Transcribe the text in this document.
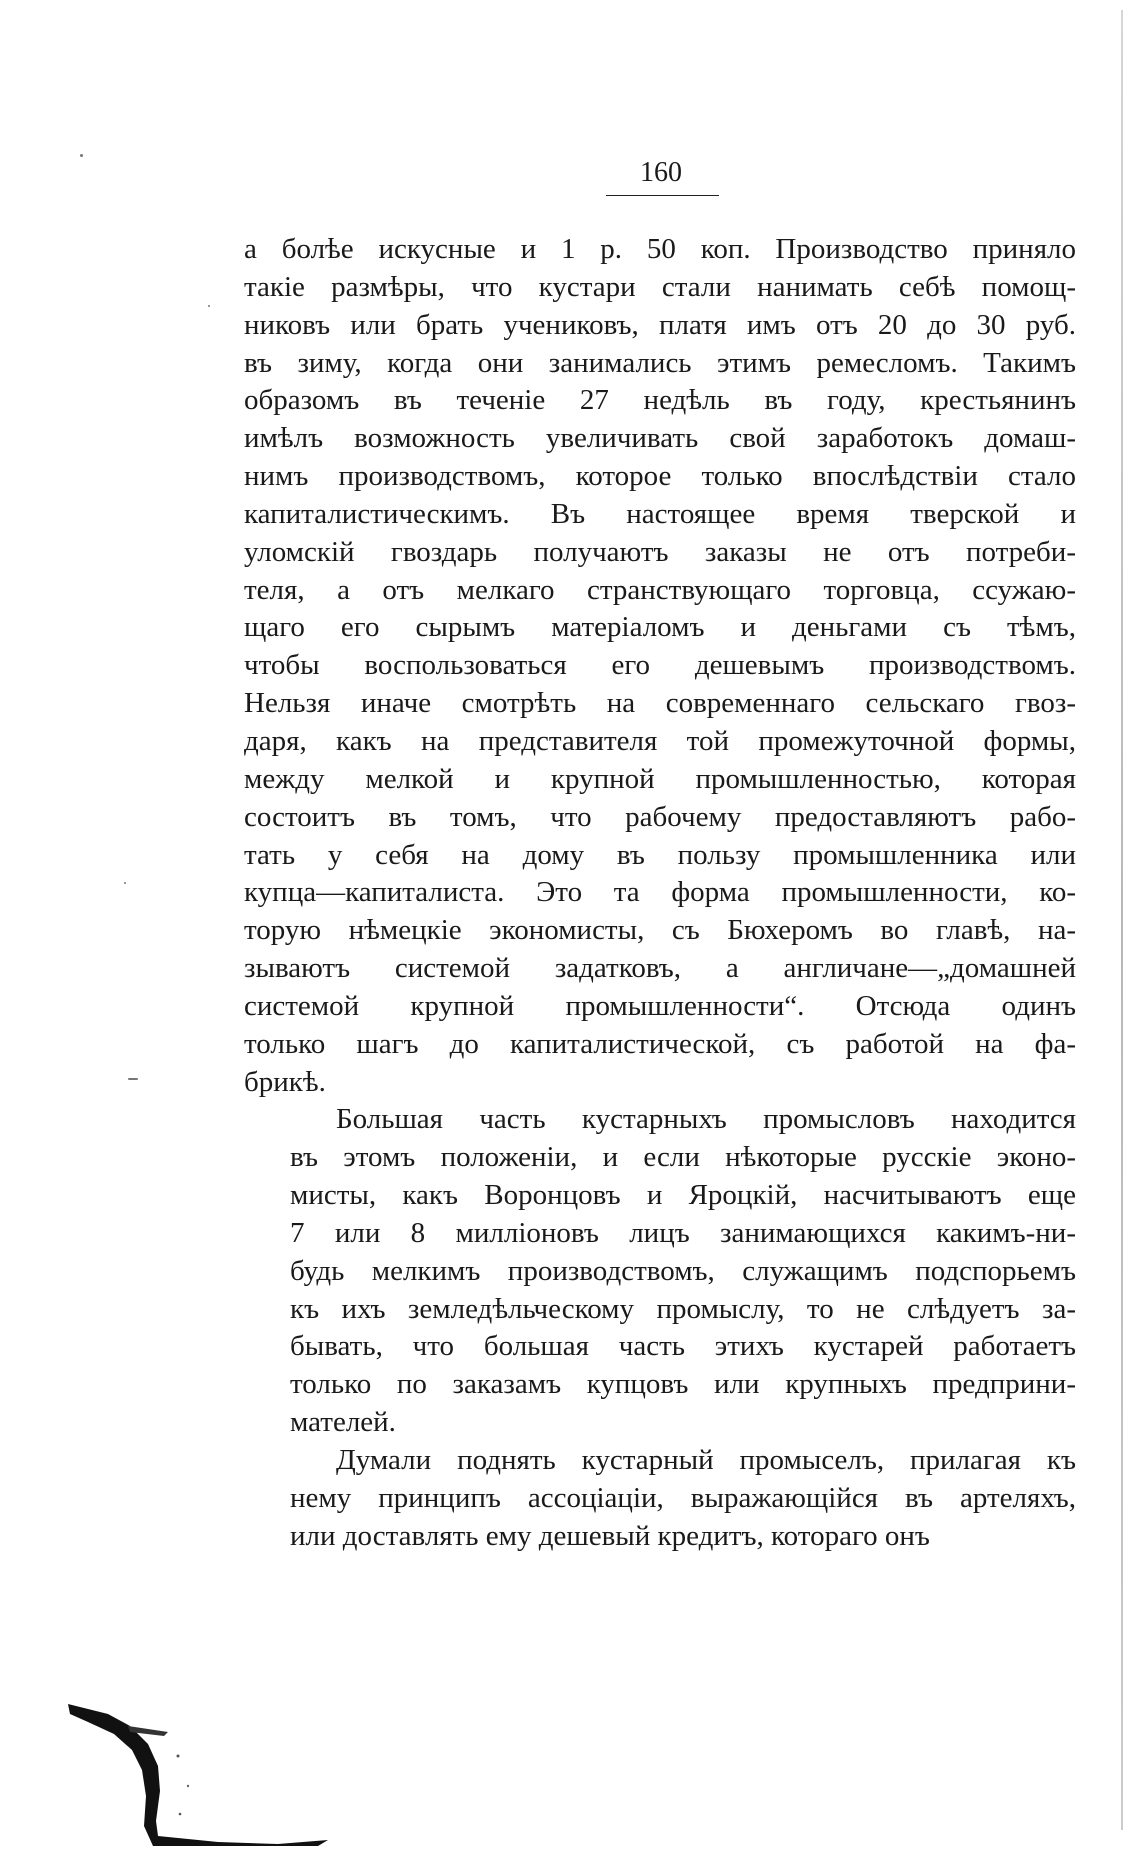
160
а болѣе искусные и 1 р. 50 коп. Производство приняло
такіе размѣры, что кустари стали нанимать себѣ помощ-
никовъ или брать учениковъ, платя имъ отъ 20 до 30 руб.
въ зиму, когда они занимались этимъ ремесломъ. Такимъ
образомъ въ теченіе 27 недѣль въ году, крестьянинъ
имѣлъ возможность увеличивать свой заработокъ домаш-
нимъ производствомъ, которое только впослѣдствіи стало
капиталистическимъ. Въ настоящее время тверской и
уломскій гвоздарь получаютъ заказы не отъ потреби-
теля, а отъ мелкаго странствующаго торговца, ссужаю-
щаго его сырымъ матеріаломъ и деньгами съ тѣмъ,
чтобы воспользоваться его дешевымъ производствомъ.
Нельзя иначе смотрѣть на современнаго сельскаго гвоз-
даря, какъ на представителя той промежуточной формы,
между мелкой и крупной промышленностью, которая
состоитъ въ томъ, что рабочему предоставляютъ рабо-
тать у себя на дому въ пользу промышленника или
купца—капиталиста. Это та форма промышленности, ко-
торую нѣмецкіе экономисты, съ Бюхеромъ во главѣ, на-
зываютъ системой задатковъ, а англичане—„домашней
системой крупной промышленности“. Отсюда одинъ
только шагъ до капиталистической, съ работой на фа-
брикѣ.
Большая часть кустарныхъ промысловъ находится
въ этомъ положеніи, и если нѣкоторые русскіе эконо-
мисты, какъ Воронцовъ и Яроцкій, насчитываютъ еще
7 или 8 милліоновъ лицъ занимающихся какимъ-ни-
будь мелкимъ производствомъ, служащимъ подспорьемъ
къ ихъ земледѣльческому промыслу, то не слѣдуетъ за-
бывать, что большая часть этихъ кустарей работаетъ
только по заказамъ купцовъ или крупныхъ предприни-
мателей.
Думали поднять кустарный промыселъ, прилагая къ
нему принципъ ассоціаціи, выражающійся въ артеляхъ,
или доставлять ему дешевый кредитъ, котораго онъ
